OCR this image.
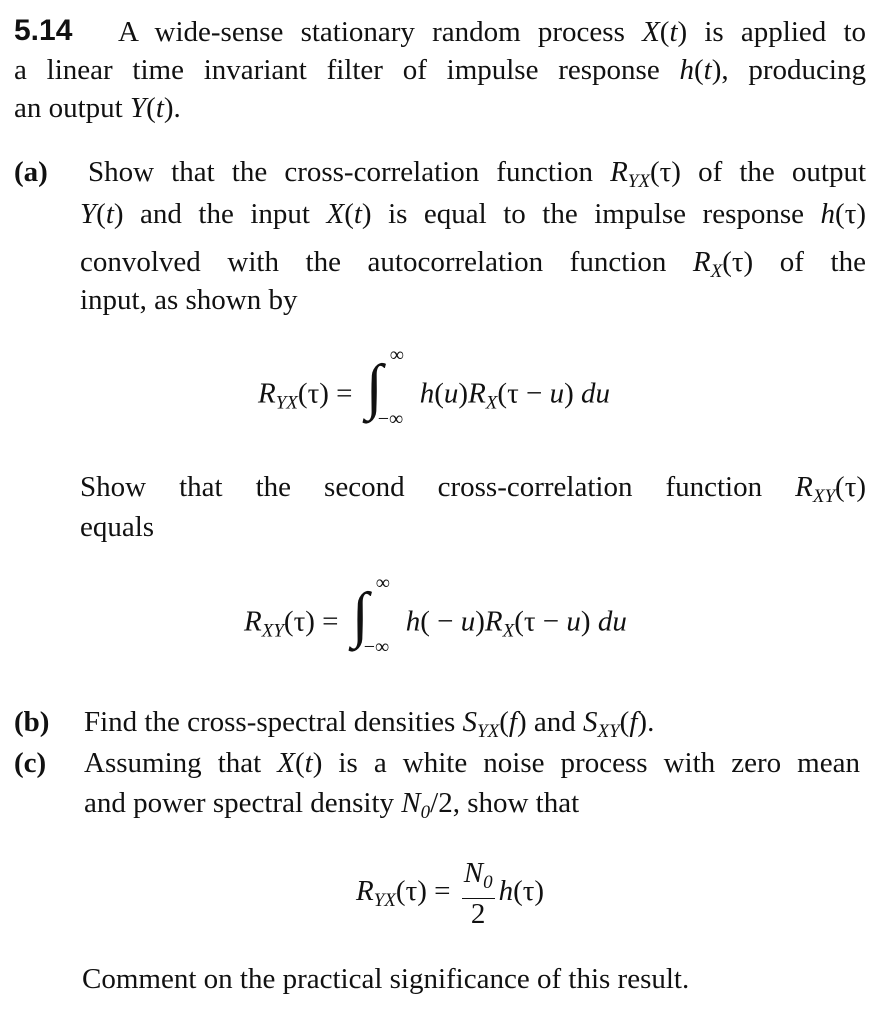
5.14 A wide-sense stationary random process X(t) is applied to
a linear time invariant filter of impulse response h(t), producing
an output Y(t).
(a) Show that the cross-correlation function $R_{YX}(\tau)$ of the output
Y(t) and the input X(t) is equal to the impulse response h(τ)
convolved with the autocorrelation function $R_X(\tau)$ of the
input, as shown by
$R_{YX}(\tau)$ = ∫ ∞
−∞
$h(u)R_X(\tau - u)$ du
Show that the second cross-correlation function $R_{XY}(\tau)$
equals
$R_{XY}(\tau)$ = ∫ ∞
−∞
$h( - u)R_X(\tau - u)$ du
(b) Find the cross-spectral densities $S_{YX}(f)$ and $S_{XY}(f)$.
(c) Assuming that X(t) is a white noise process with zero mean
and power spectral density $N_0/2$, show that
$R_{YX}(\tau) = \frac{N_0}{2} h(\tau)$
Comment on the practical significance of this result.
